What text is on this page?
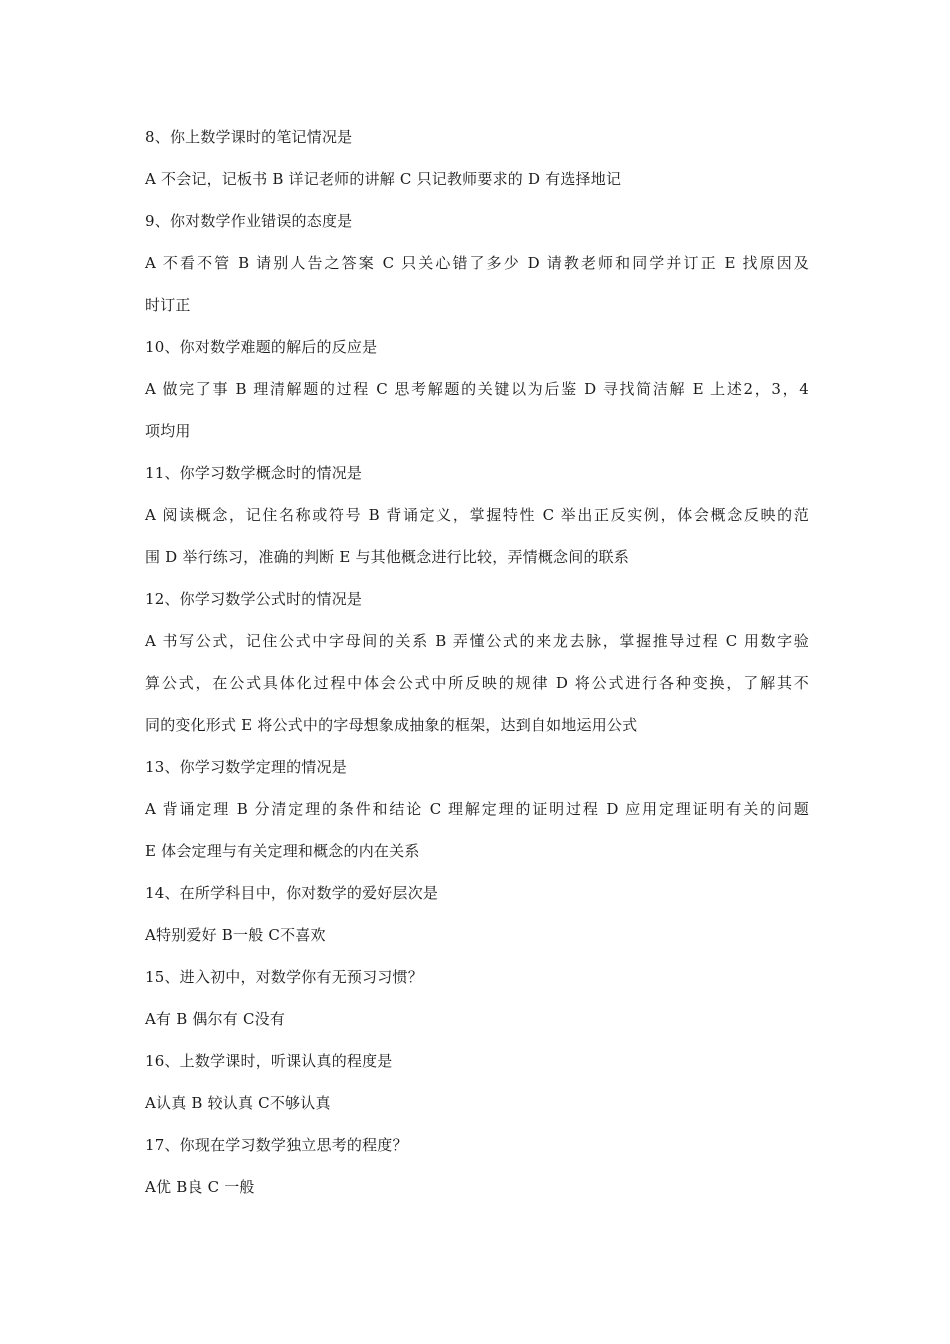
8、你上数学课时的笔记情况是
A 不会记，记板书 B 详记老师的讲解 C 只记教师要求的 D 有选择地记
9、你对数学作业错误的态度是
A 不看不管 B 请别人告之答案 C 只关心错了多少 D 请教老师和同学并订正 E 找原因及
时订正
10、你对数学难题的解后的反应是
A 做完了事 B 理清解题的过程 C 思考解题的关键以为后鉴 D 寻找简洁解 E 上述2，3，4
项均用
11、你学习数学概念时的情况是
A 阅读概念，记住名称或符号 B 背诵定义，掌握特性 C 举出正反实例，体会概念反映的范
围 D 举行练习，准确的判断 E 与其他概念进行比较，弄情概念间的联系
12、你学习数学公式时的情况是
A 书写公式，记住公式中字母间的关系 B 弄懂公式的来龙去脉，掌握推导过程 C 用数字验
算公式，在公式具体化过程中体会公式中所反映的规律 D 将公式进行各种变换，了解其不
同的变化形式 E 将公式中的字母想象成抽象的框架，达到自如地运用公式
13、你学习数学定理的情况是
A 背诵定理 B 分清定理的条件和结论 C 理解定理的证明过程 D 应用定理证明有关的问题
E 体会定理与有关定理和概念的内在关系
14、在所学科目中，你对数学的爱好层次是
A特别爱好 B一般 C不喜欢
15、进入初中，对数学你有无预习习惯？
A有 B 偶尔有 C没有
16、上数学课时，听课认真的程度是
A认真 B 较认真 C不够认真
17、你现在学习数学独立思考的程度？
A优 B良 C 一般
